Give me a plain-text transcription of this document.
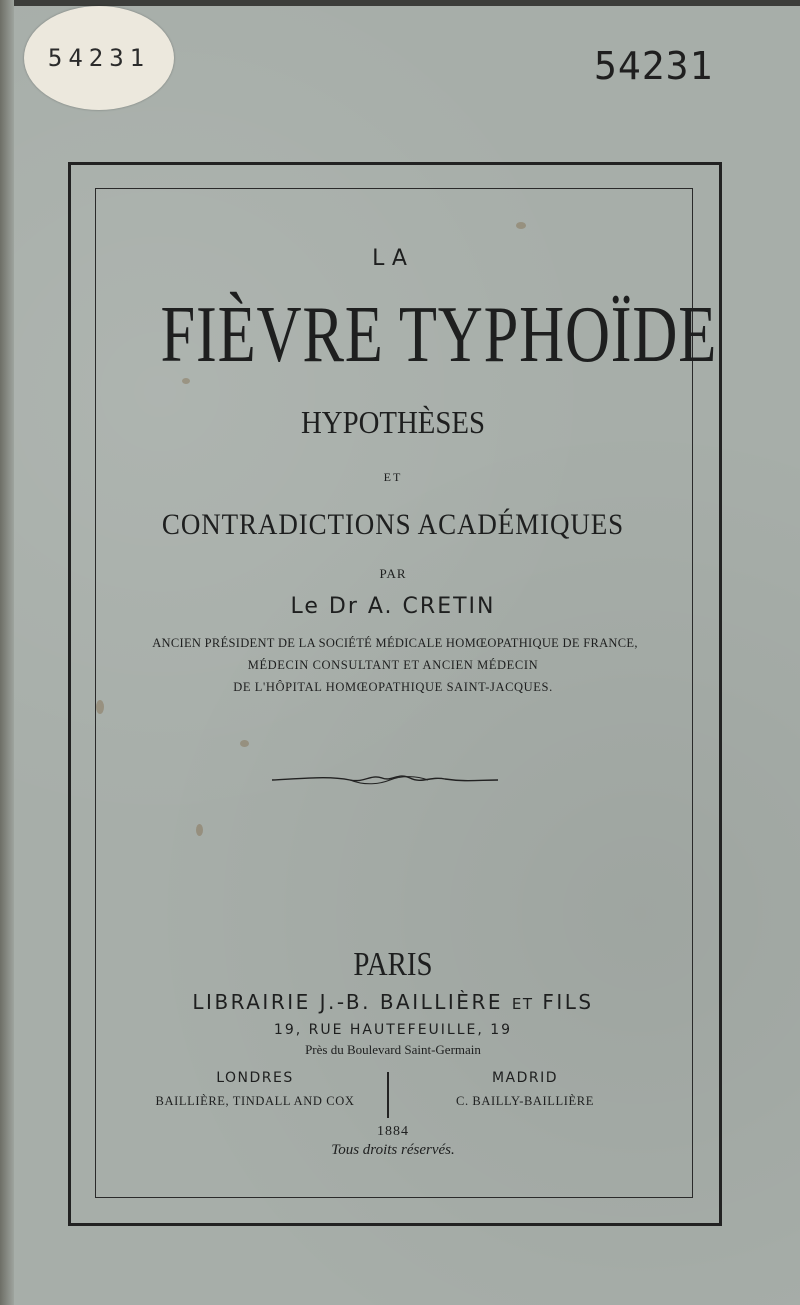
54231	54231
LA
FIÈVRE TYPHOÏDE
HYPOTHÈSES
ET
CONTRADICTIONS ACADÉMIQUES
PAR
Le Dr A. CRETIN
ANCIEN PRÉSIDENT DE LA SOCIÉTÉ MÉDICALE HOMŒOPATHIQUE DE FRANCE,
MÉDECIN CONSULTANT ET ANCIEN MÉDECIN
DE L'HÔPITAL HOMŒOPATHIQUE SAINT-JACQUES.
PARIS
LIBRAIRIE J.-B. BAILLIÈRE ET FILS
19, RUE HAUTEFEUILLE, 19
Près du Boulevard Saint-Germain
LONDRES
BAILLIÈRE, TINDALL AND COX
MADRID
C. BAILLY-BAILLIÈRE
1884
Tous droits réservés.
